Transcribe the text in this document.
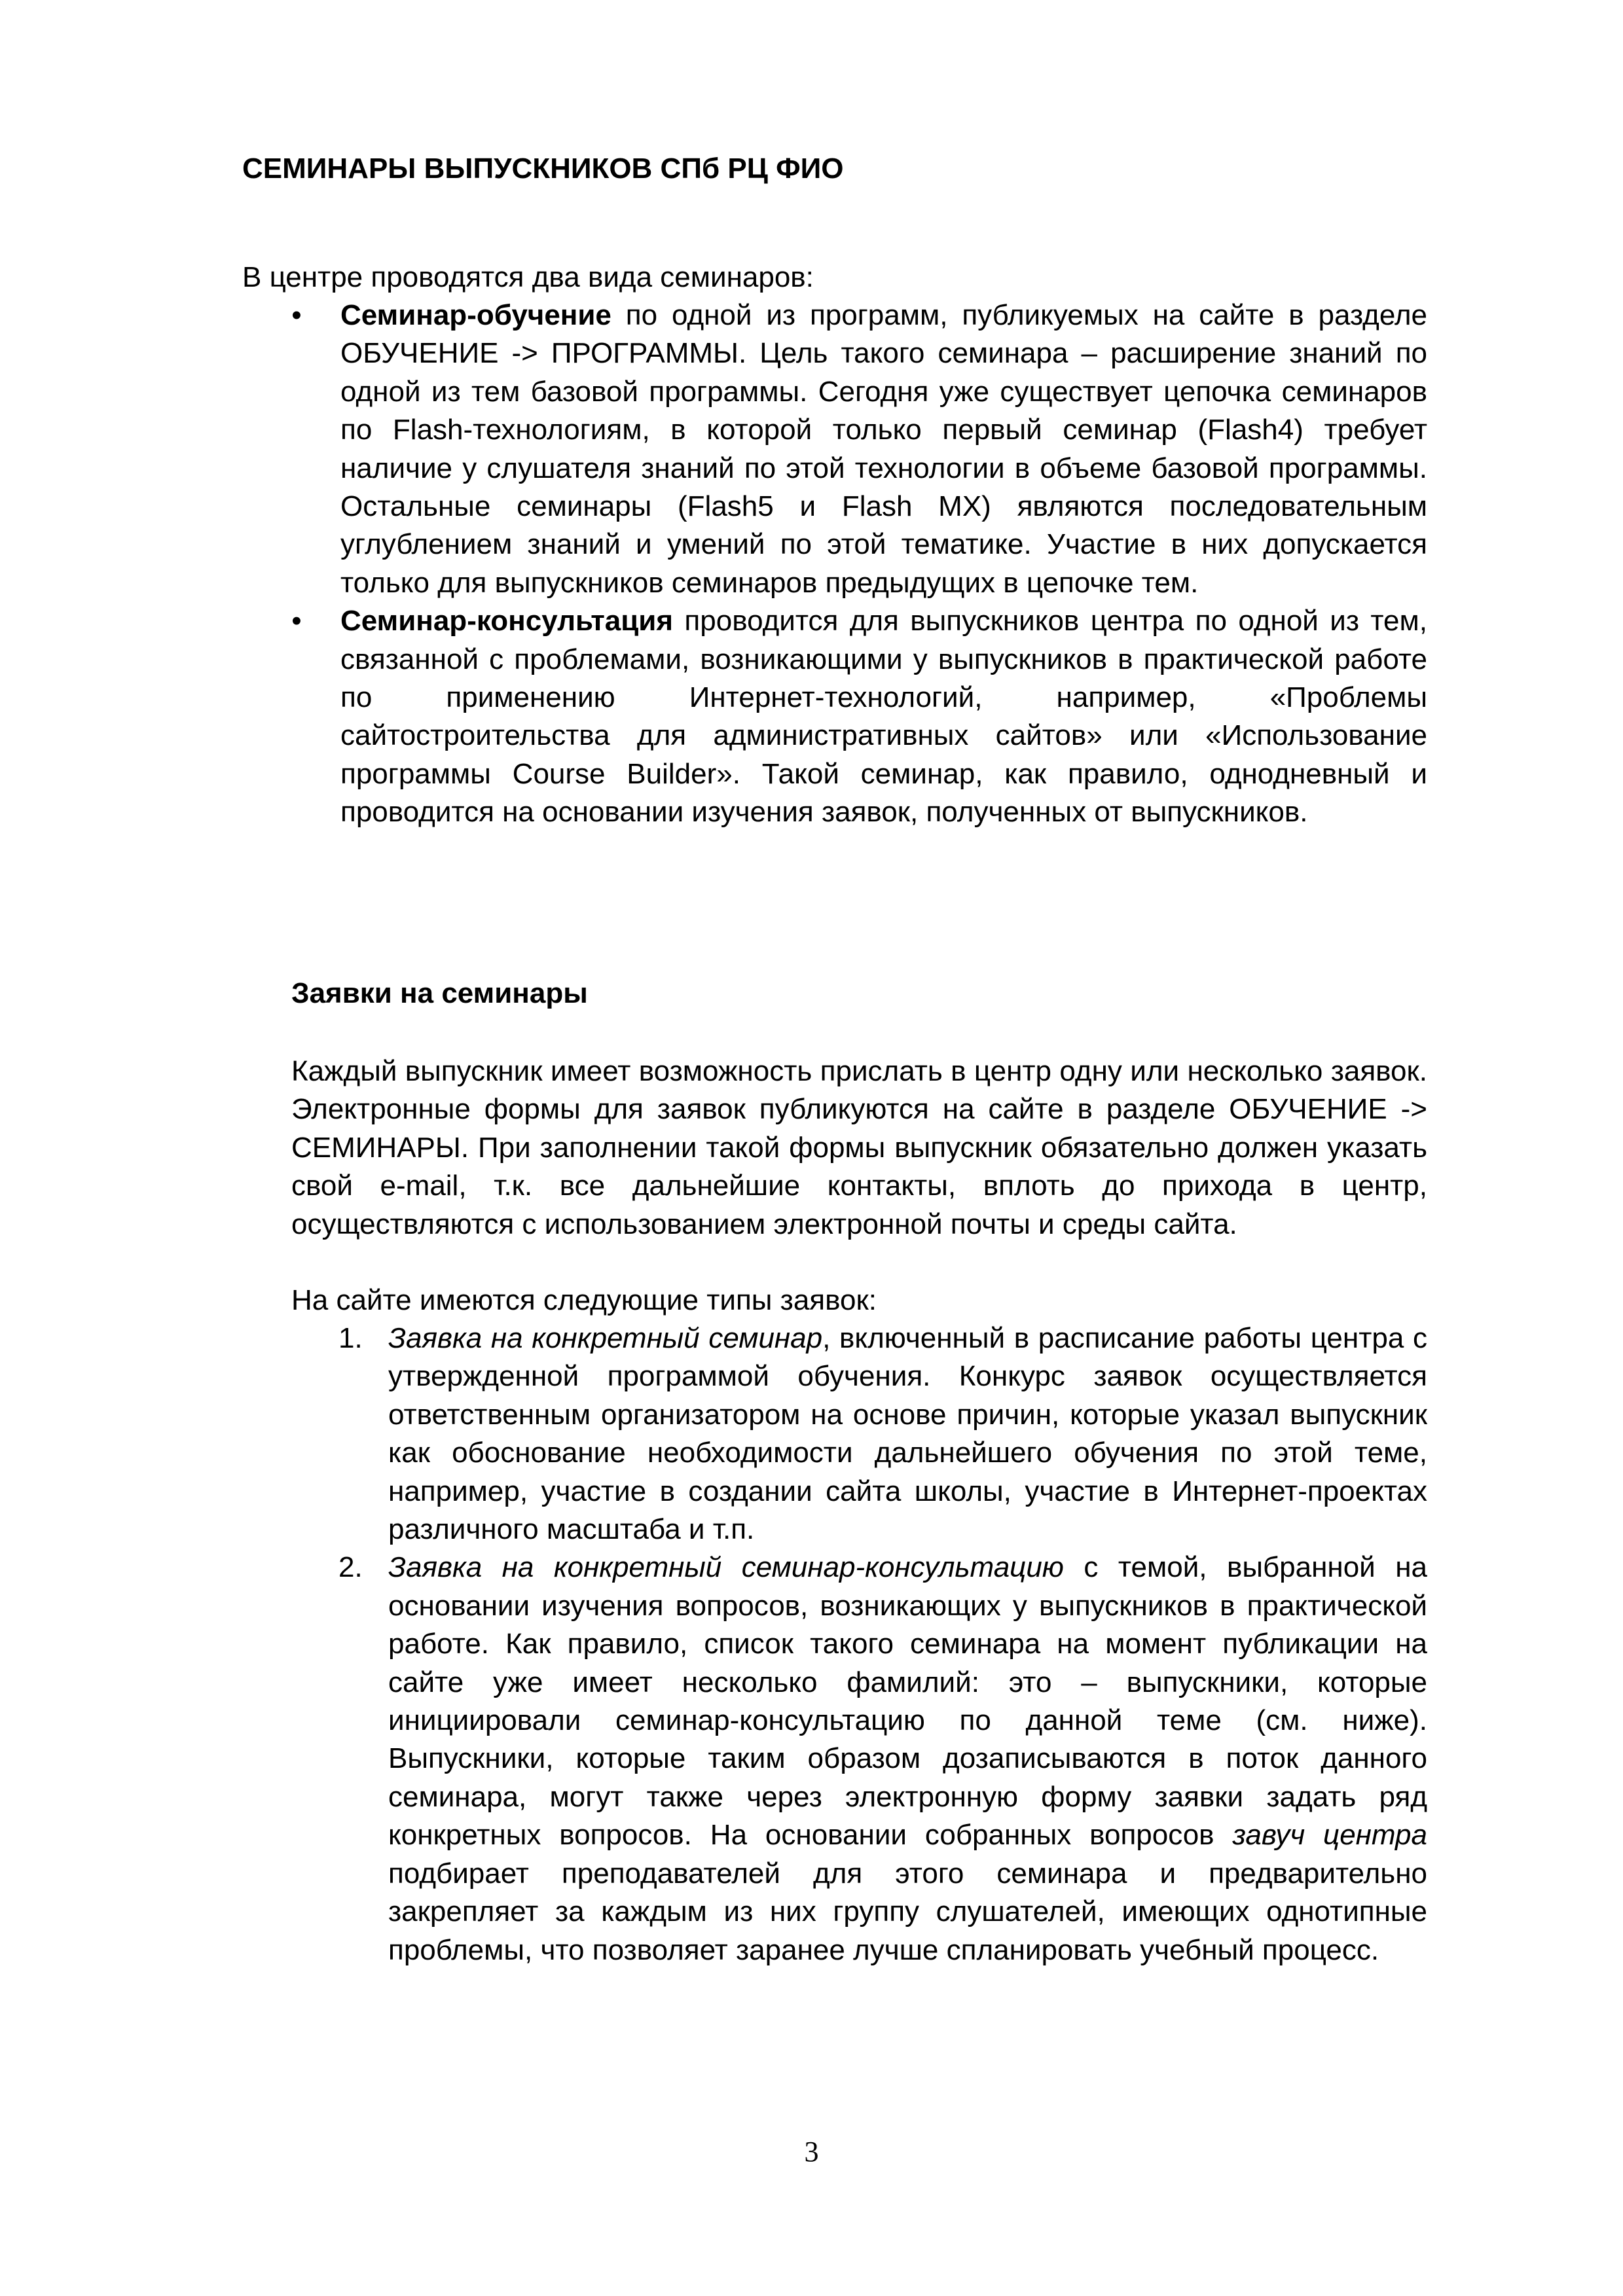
СЕМИНАРЫ ВЫПУСКНИКОВ СПб РЦ ФИО
В центре проводятся два вида семинаров:
• Семинар-обучение по одной из программ, публикуемых на сайте в разделе ОБУЧЕНИЕ -> ПРОГРАММЫ. Цель такого семинара – расширение знаний по одной из тем базовой программы. Сегодня уже существует цепочка семинаров по Flash-технологиям, в которой только первый семинар (Flash4) требует наличие у слушателя знаний по этой технологии в объеме базовой программы. Остальные семинары (Flash5 и Flash MX) являются последовательным углублением знаний и умений по этой тематике. Участие в них допускается только для выпускников семинаров предыдущих в цепочке тем.
• Семинар-консультация проводится для выпускников центра по одной из тем, связанной с проблемами, возникающими у выпускников в практической работе по применению Интернет-технологий, например, «Проблемы сайтостроительства для административных сайтов» или «Использование программы Course Builder». Такой семинар, как правило, однодневный и проводится на основании изучения заявок, полученных от выпускников.
Заявки на семинары
Каждый выпускник имеет возможность прислать в центр одну или несколько заявок. Электронные формы для заявок публикуются на сайте в разделе ОБУЧЕНИЕ -> СЕМИНАРЫ. При заполнении такой формы выпускник обязательно должен указать свой e-mail, т.к. все дальнейшие контакты, вплоть до прихода в центр, осуществляются с использованием электронной почты и среды сайта.
На сайте имеются следующие типы заявок:
1. Заявка на конкретный семинар, включенный в расписание работы центра с утвержденной программой обучения. Конкурс заявок осуществляется ответственным организатором на основе причин, которые указал выпускник как обоснование необходимости дальнейшего обучения по этой теме, например, участие в создании сайта школы, участие в Интернет-проектах различного масштаба и т.п.
2. Заявка на конкретный семинар-консультацию с темой, выбранной на основании изучения вопросов, возникающих у выпускников в практической работе. Как правило, список такого семинара на момент публикации на сайте уже имеет несколько фамилий: это – выпускники, которые инициировали семинар-консультацию по данной теме (см. ниже). Выпускники, которые таким образом дозаписываются в поток данного семинара, могут также через электронную форму заявки задать ряд конкретных вопросов. На основании собранных вопросов завуч центра подбирает преподавателей для этого семинара и предварительно закрепляет за каждым из них группу слушателей, имеющих однотипные проблемы, что позволяет заранее лучше спланировать учебный процесс.
3
